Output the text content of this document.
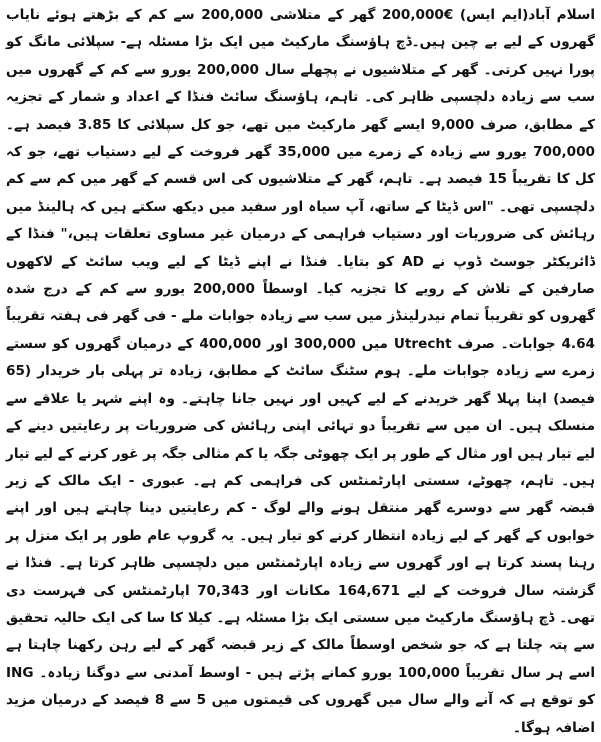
اسلام آباد(ایم ایس) €200,000 گھر کے متلاشی 200,000 سے کم کے بڑھتے ہوئے نایاب گھروں کے لیے بے چین ہیں۔ڈچ ہاؤسنگ مارکیٹ میں ایک بڑا مسئلہ ہے- سپلائی مانگ کو پورا نہیں کرتی۔ گھر کے متلاشیوں نے پچھلے سال 200,000 یورو سے کم کے گھروں میں سب سے زیادہ دلچسپی ظاہر کی۔ تاہم، ہاؤسنگ سائٹ فنڈا کے اعداد و شمار کے تجزیہ کے مطابق، صرف 9,000 ایسے گھر مارکیٹ میں تھے، جو کل سپلائی کا 3.85 فیصد ہے۔ 700,000 یورو سے زیادہ کے زمرے میں 35,000 گھر فروخت کے لیے دستیاب تھے، جو کہ کل کا تقریباً 15 فیصد ہے۔ تاہم، گھر کے متلاشیوں کی اس قسم کے گھر میں کم سے کم دلچسپی تھی۔ "اس ڈیٹا کے ساتھ، آپ سیاہ اور سفید میں دیکھ سکتے ہیں کہ ہالینڈ میں رہائش کی ضروریات اور دستیاب فراہمی کے درمیان غیر مساوی تعلقات ہیں،" فنڈا کے ڈائریکٹر جوسٹ ڈوپ نے AD کو بتایا۔ فنڈا نے اپنے ڈیٹا کے لیے ویب سائٹ کے لاکھوں صارفین کے تلاش کے رویے کا تجزیہ کیا۔ اوسطاً 200,000 یورو سے کم کے درج شدہ گھروں کو تقریباً تمام نیدرلینڈز میں سب سے زیادہ جوابات ملے - فی گھر فی ہفتہ تقریباً 4.64 جوابات۔ صرف Utrecht میں 300,000 اور 400,000 کے درمیان گھروں کو سستے زمرے سے زیادہ جوابات ملے۔ ہوم سٹنگ سائٹ کے مطابق، زیادہ تر پہلی بار خریدار (65 فیصد) اپنا پہلا گھر خریدنے کے لیے کہیں اور نہیں جانا چاہتے۔ وہ اپنے شہر یا علاقے سے منسلک ہیں۔ ان میں سے تقریباً دو تہائی اپنی رہائش کی ضروریات پر رعایتیں دینے کے لیے تیار ہیں اور مثال کے طور پر ایک چھوٹی جگہ یا کم مثالی جگہ پر غور کرنے کے لیے تیار ہیں۔ تاہم، چھوٹے، سستی اپارٹمنٹس کی فراہمی کم ہے۔ عبوری - ایک مالک کے زیر قبضہ گھر سے دوسرے گھر منتقل ہونے والے لوگ - کم رعایتیں دینا چاہتے ہیں اور اپنے خوابوں کے گھر کے لیے زیادہ انتظار کرنے کو تیار ہیں۔ یہ گروپ عام طور پر ایک منزل پر رہنا پسند کرتا ہے اور گھروں سے زیادہ اپارٹمنٹس میں دلچسپی ظاہر کرتا ہے۔ فنڈا نے گزشتہ سال فروخت کے لیے 164,671 مکانات اور 70,343 اپارٹمنٹس کی فہرست دی تھی۔ ڈچ ہاؤسنگ مارکیٹ میں سستی ایک بڑا مسئلہ ہے۔ کیلا کا سا کی ایک حالیہ تحقیق سے پتہ چلتا ہے کہ جو شخص اوسطاً مالک کے زیر قبضہ گھر کے لیے رہن رکھنا چاہتا ہے اسے ہر سال تقریباً 100,000 یورو کمانے پڑتے ہیں - اوسط آمدنی سے دوگنا زیادہ۔ ING کو توقع ہے کہ آنے والے سال میں گھروں کی قیمتوں میں 5 سے 8 فیصد کے درمیان مزید اضافہ ہوگا۔
